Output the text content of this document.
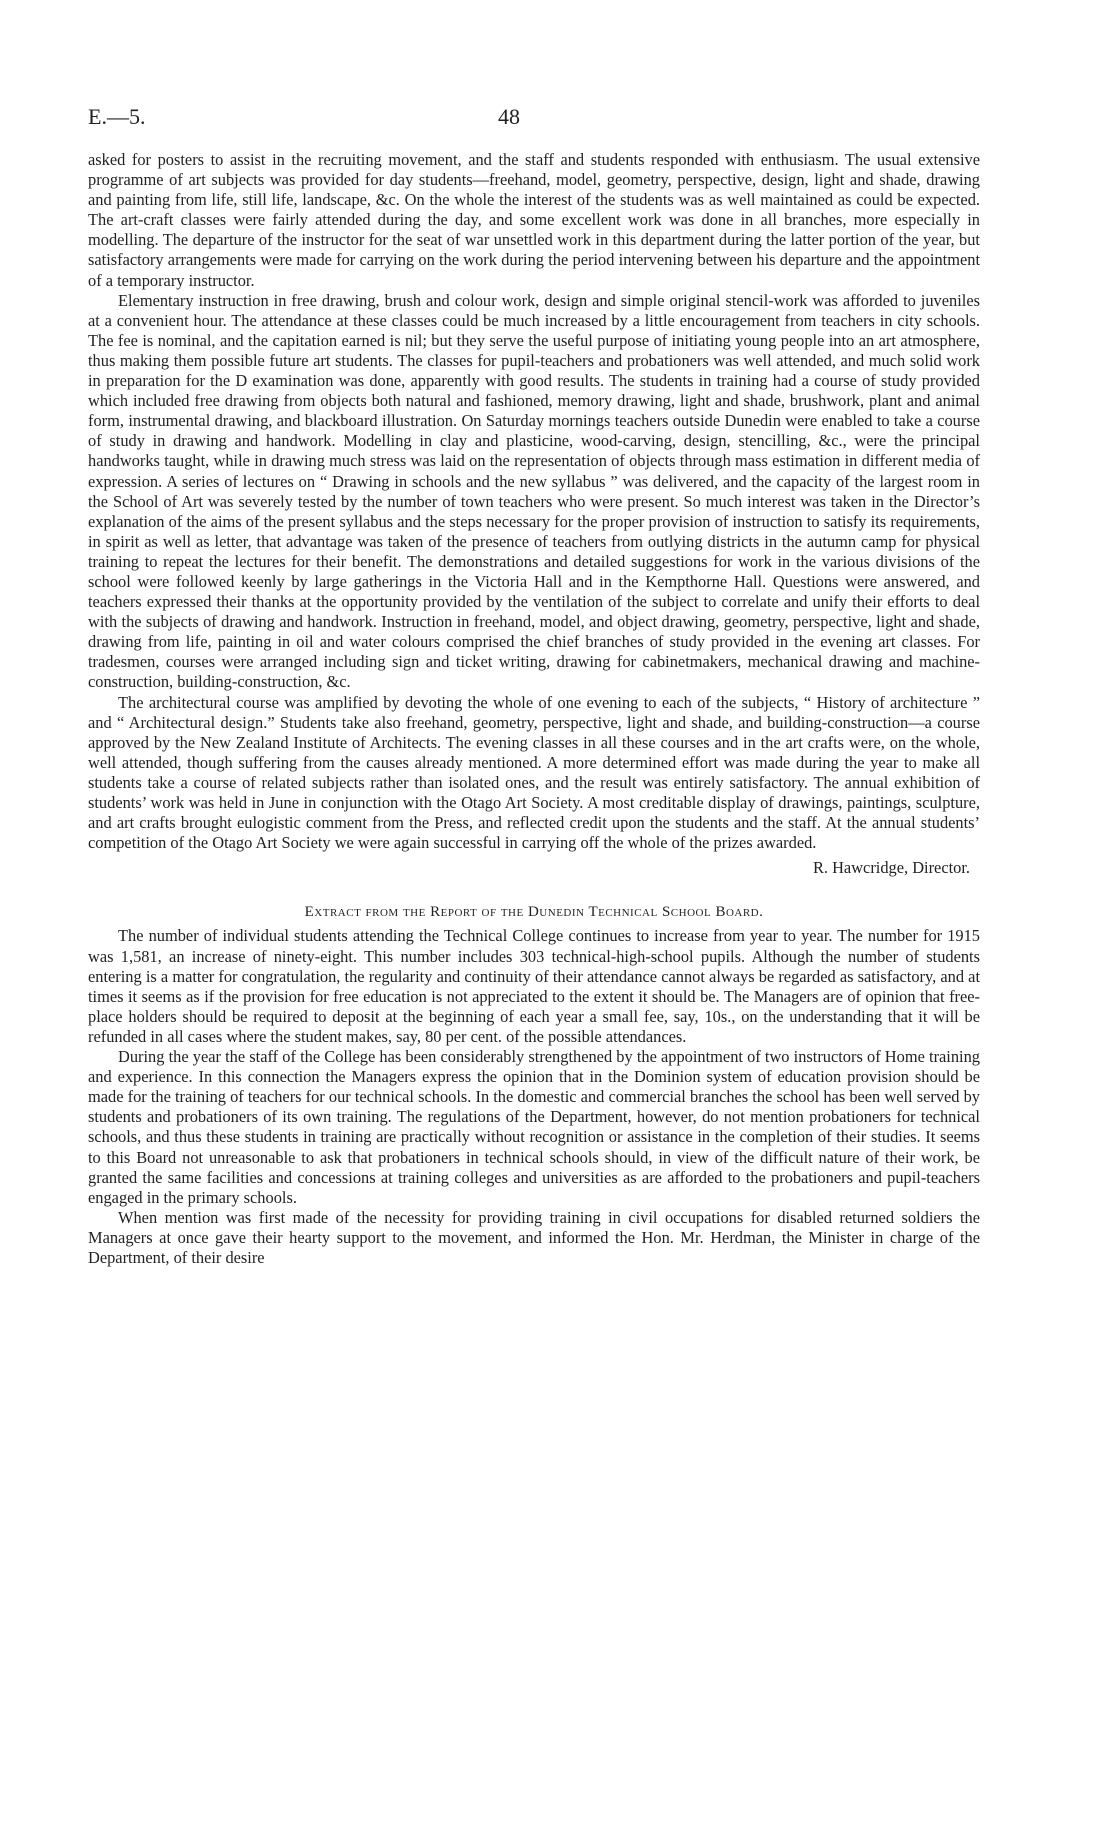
E.—5.	48

asked for posters to assist in the recruiting movement, and the staff and students responded with enthusiasm. The usual extensive programme of art subjects was provided for day students—freehand, model, geometry, perspective, design, light and shade, drawing and painting from life, still life, landscape, &c. On the whole the interest of the students was as well maintained as could be expected. The art-craft classes were fairly attended during the day, and some excellent work was done in all branches, more especially in modelling. The departure of the instructor for the seat of war unsettled work in this department during the latter portion of the year, but satisfactory arrangements were made for carrying on the work during the period intervening between his departure and the appointment of a temporary instructor.

Elementary instruction in free drawing, brush and colour work, design and simple original stencil-work was afforded to juveniles at a convenient hour. The attendance at these classes could be much increased by a little encouragement from teachers in city schools. The fee is nominal, and the capitation earned is nil; but they serve the useful purpose of initiating young people into an art atmosphere, thus making them possible future art students. The classes for pupil-teachers and probationers was well attended, and much solid work in preparation for the D examination was done, apparently with good results. The students in training had a course of study provided which included free drawing from objects both natural and fashioned, memory drawing, light and shade, brushwork, plant and animal form, instrumental drawing, and blackboard illustration. On Saturday mornings teachers outside Dunedin were enabled to take a course of study in drawing and handwork. Modelling in clay and plasticine, wood-carving, design, stencilling, &c., were the principal handworks taught, while in drawing much stress was laid on the representation of objects through mass estimation in different media of expression. A series of lectures on “ Drawing in schools and the new syllabus ” was delivered, and the capacity of the largest room in the School of Art was severely tested by the number of town teachers who were present. So much interest was taken in the Director’s explanation of the aims of the present syllabus and the steps necessary for the proper provision of instruction to satisfy its requirements, in spirit as well as letter, that advantage was taken of the presence of teachers from outlying districts in the autumn camp for physical training to repeat the lectures for their benefit. The demonstrations and detailed suggestions for work in the various divisions of the school were followed keenly by large gatherings in the Victoria Hall and in the Kempthorne Hall. Questions were answered, and teachers expressed their thanks at the opportunity provided by the ventilation of the subject to correlate and unify their efforts to deal with the subjects of drawing and handwork. Instruction in freehand, model, and object drawing, geometry, perspective, light and shade, drawing from life, painting in oil and water colours comprised the chief branches of study provided in the evening art classes. For tradesmen, courses were arranged including sign and ticket writing, drawing for cabinetmakers, mechanical drawing and machine-construction, building-construction, &c.

The architectural course was amplified by devoting the whole of one evening to each of the subjects, “ History of architecture ” and “ Architectural design.” Students take also freehand, geometry, perspective, light and shade, and building-construction—a course approved by the New Zealand Institute of Architects. The evening classes in all these courses and in the art crafts were, on the whole, well attended, though suffering from the causes already mentioned. A more determined effort was made during the year to make all students take a course of related subjects rather than isolated ones, and the result was entirely satisfactory. The annual exhibition of students’ work was held in June in conjunction with the Otago Art Society. A most creditable display of drawings, paintings, sculpture, and art crafts brought eulogistic comment from the Press, and reflected credit upon the students and the staff. At the annual students’ competition of the Otago Art Society we were again successful in carrying off the whole of the prizes awarded.

R. Hawcridge, Director.
Extract from the Report of the Dunedin Technical School Board.

The number of individual students attending the Technical College continues to increase from year to year. The number for 1915 was 1,581, an increase of ninety-eight. This number includes 303 technical-high-school pupils. Although the number of students entering is a matter for congratulation, the regularity and continuity of their attendance cannot always be regarded as satisfactory, and at times it seems as if the provision for free education is not appreciated to the extent it should be. The Managers are of opinion that free-place holders should be required to deposit at the beginning of each year a small fee, say, 10s., on the understanding that it will be refunded in all cases where the student makes, say, 80 per cent. of the possible attendances.

During the year the staff of the College has been considerably strengthened by the appointment of two instructors of Home training and experience. In this connection the Managers express the opinion that in the Dominion system of education provision should be made for the training of teachers for our technical schools. In the domestic and commercial branches the school has been well served by students and probationers of its own training. The regulations of the Department, however, do not mention probationers for technical schools, and thus these students in training are practically without recognition or assistance in the completion of their studies. It seems to this Board not unreasonable to ask that probationers in technical schools should, in view of the difficult nature of their work, be granted the same facilities and concessions at training colleges and universities as are afforded to the probationers and pupil-teachers engaged in the primary schools.

When mention was first made of the necessity for providing training in civil occupations for disabled returned soldiers the Managers at once gave their hearty support to the movement, and informed the Hon. Mr. Herdman, the Minister in charge of the Department, of their desire
